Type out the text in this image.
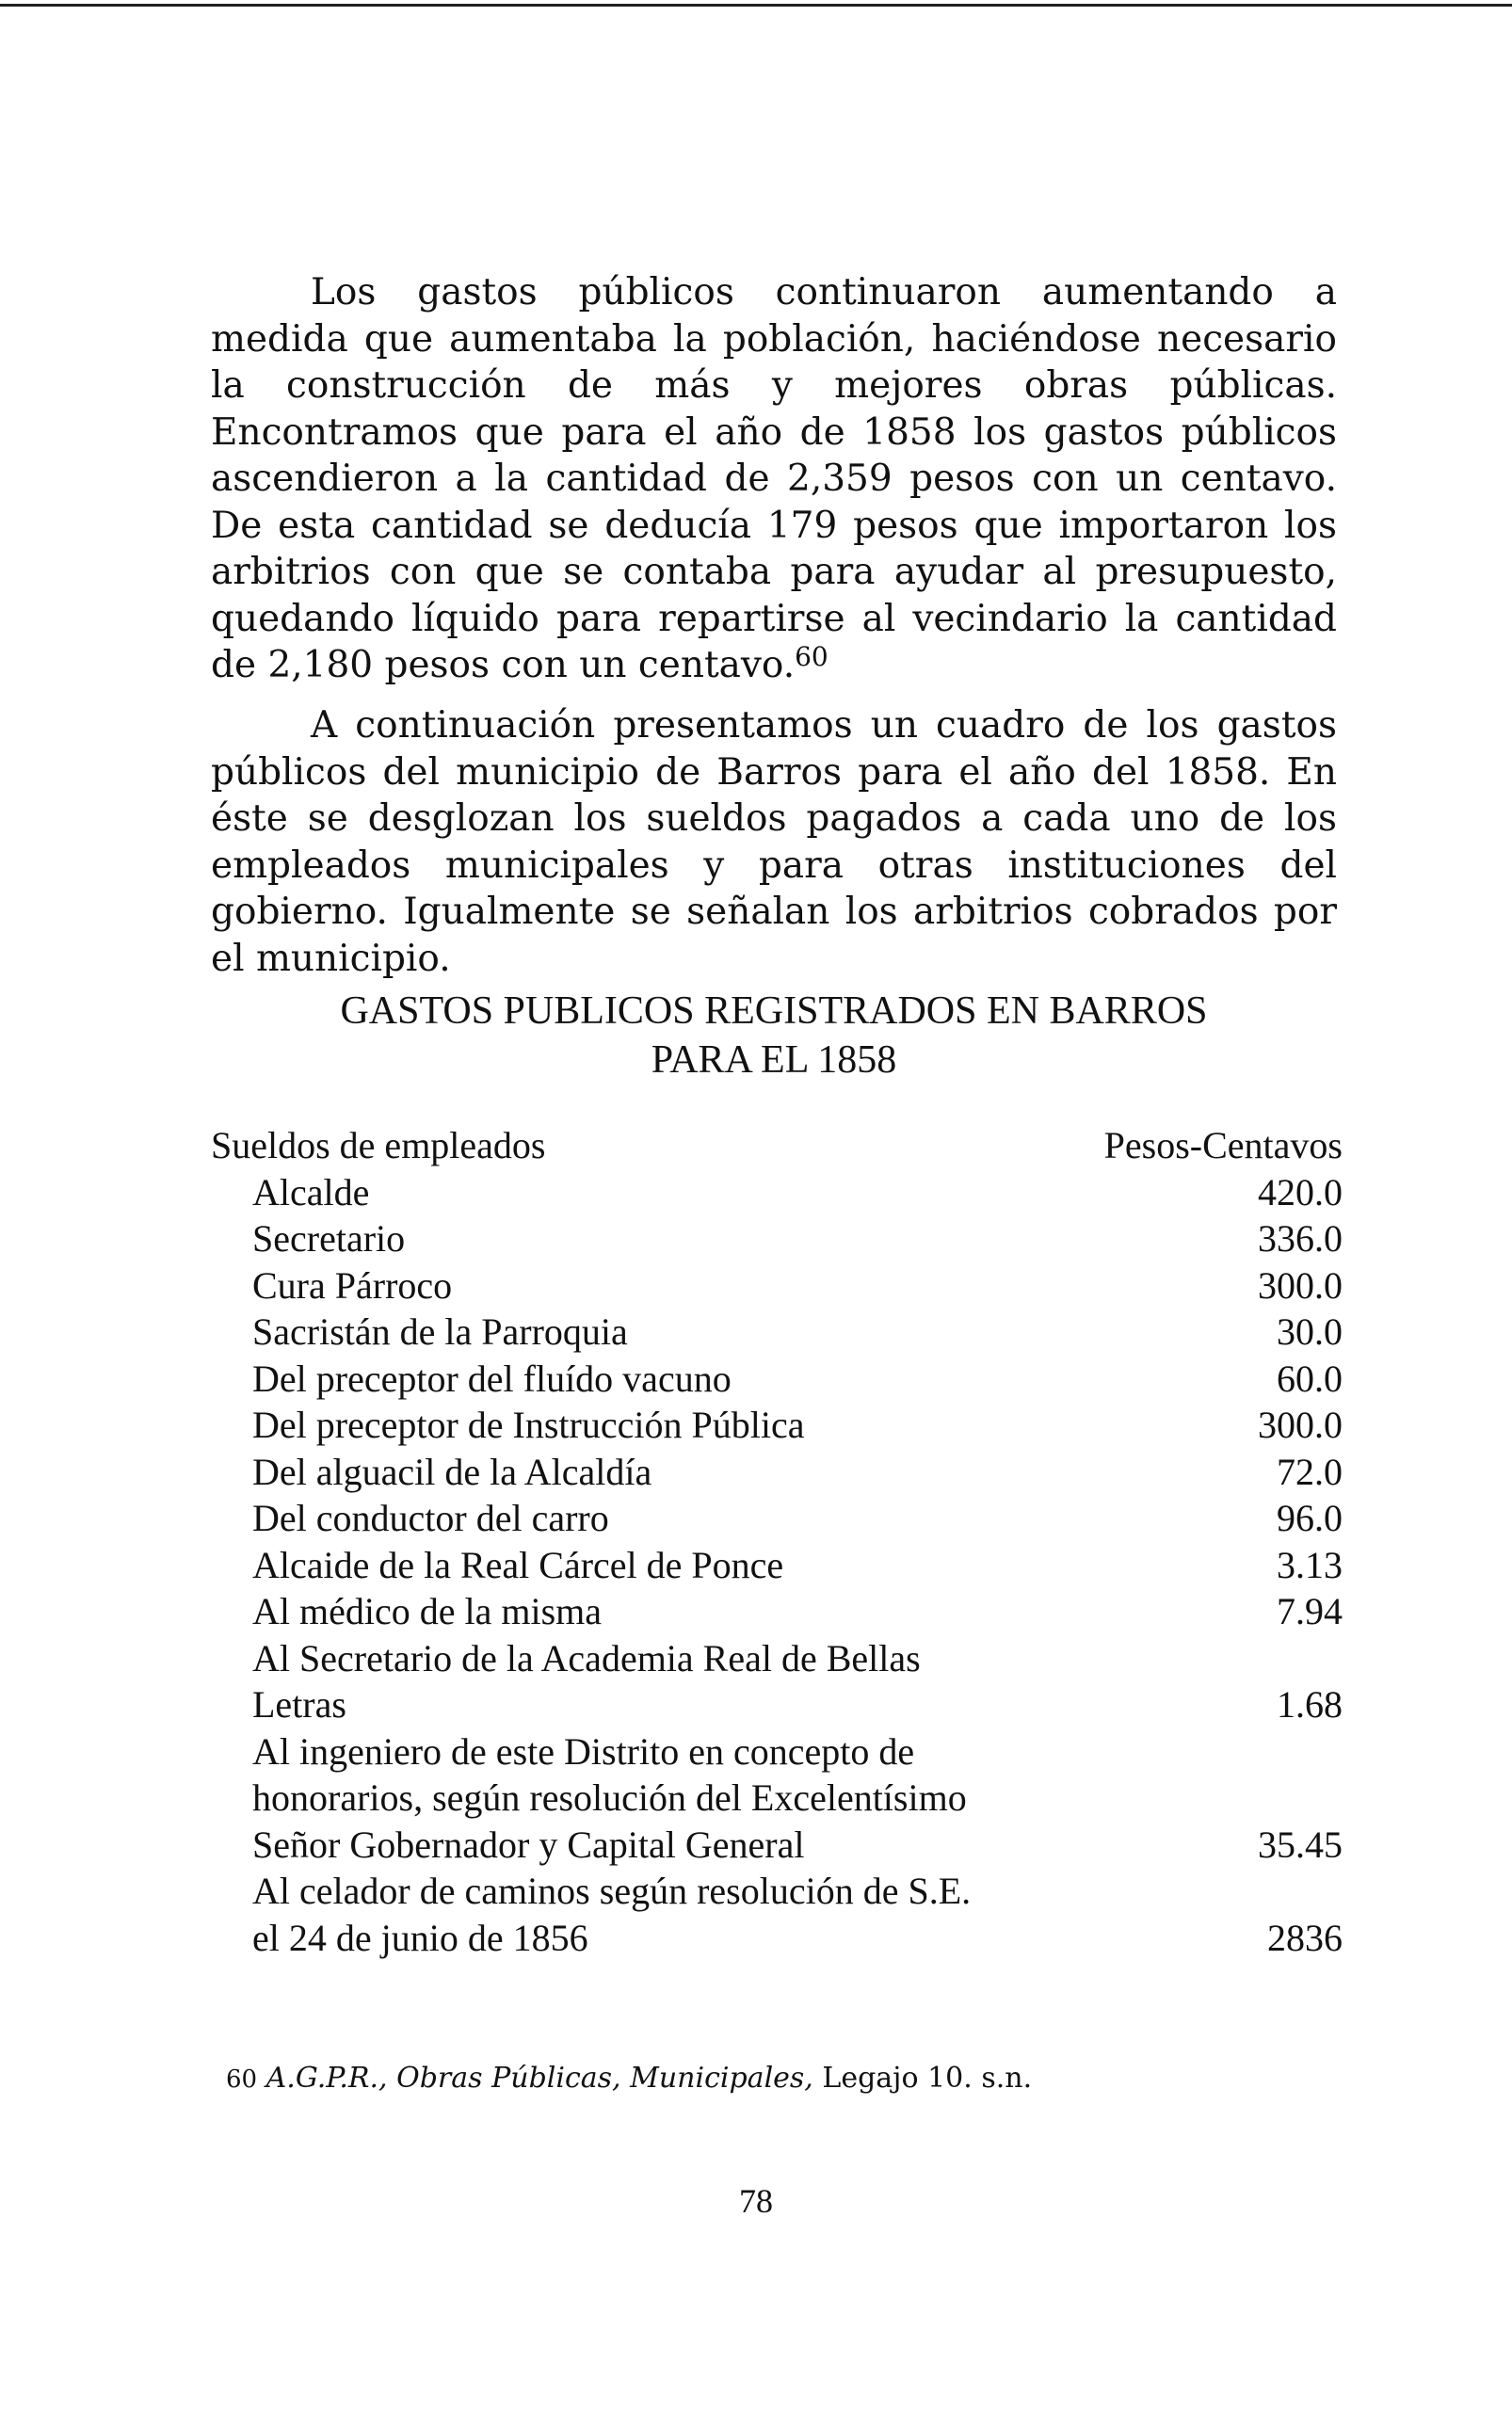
Los gastos públicos continuaron aumentando a medida que aumentaba la población, haciéndose necesario la construcción de más y mejores obras públicas. Encontramos que para el año de 1858 los gastos públicos ascendieron a la cantidad de 2,359 pesos con un centavo. De esta cantidad se deducía 179 pesos que importaron los arbitrios con que se contaba para ayudar al presupuesto, quedando líquido para repartirse al vecindario la cantidad de 2,180 pesos con un centavo.$^{60}$

A continuación presentamos un cuadro de los gastos públicos del municipio de Barros para el año del 1858. En éste se desglozan los sueldos pagados a cada uno de los empleados municipales y para otras instituciones del gobierno. Igualmente se señalan los arbitrios cobrados por el municipio.

GASTOS PUBLICOS REGISTRADOS EN BARROS

PARA EL 1858

Sueldos de empleados	Pesos-Centavos
Alcalde	420.0
Secretario	336.0
Cura Párroco	300.0
Sacristán de la Parroquia	30.0
Del preceptor del fluído vacuno	60.0
Del preceptor de Instrucción Pública	300.0
Del alguacil de la Alcaldía	72.0
Del conductor del carro	96.0
Alcaide de la Real Cárcel de Ponce	3.13
Al médico de la misma	7.94
Al Secretario de la Academia Real de Bellas
Letras	1.68
Al ingeniero de este Distrito en concepto de
honorarios, según resolución del Excelentísimo
Señor Gobernador y Capital General	35.45
Al celador de caminos según resolución de S.E.
el 24 de junio de 1856	2836

60 A.G.P.R., Obras Públicas, Municipales, Legajo 10. s.n.

78
